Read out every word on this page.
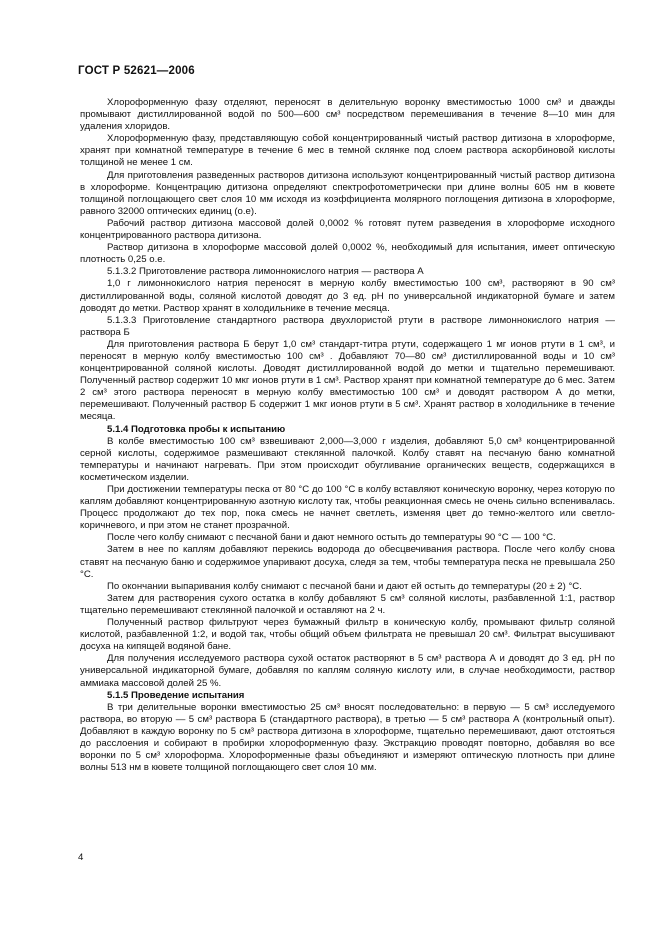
ГОСТ Р 52621—2006

Хлороформенную фазу отделяют, переносят в делительную воронку вместимостью 1000 см³ и дважды промывают дистиллированной водой по 500—600 см³ посредством перемешивания в течение 8—10 мин для удаления хлоридов.

Хлороформенную фазу, представляющую собой концентрированный чистый раствор дитизона в хлороформе, хранят при комнатной температуре в течение 6 мес в темной склянке под слоем раствора аскорбиновой кислоты толщиной не менее 1 см.

Для приготовления разведенных растворов дитизона используют концентрированный чистый раствор дитизона в хлороформе. Концентрацию дитизона определяют спектрофотометрически при длине волны 605 нм в кювете толщиной поглощающего свет слоя 10 мм исходя из коэффициента молярного поглощения дитизона в хлороформе, равного 32000 оптических единиц (о.е).

Рабочий раствор дитизона массовой долей 0,0002 % готовят путем разведения в хлороформе исходного концентрированного раствора дитизона.

Раствор дитизона в хлороформе массовой долей 0,0002 %, необходимый для испытания, имеет оптическую плотность 0,25 о.е.

5.1.3.2 Приготовление раствора лимоннокислого натрия — раствора А

1,0 г лимоннокислого натрия переносят в мерную колбу вместимостью 100 см³, растворяют в 90 см³ дистиллированной воды, соляной кислотой доводят до 3 ед. pH по универсальной индикаторной бумаге и затем доводят до метки. Раствор хранят в холодильнике в течение месяца.

5.1.3.3 Приготовление стандартного раствора двухлористой ртути в растворе лимоннокислого натрия — раствора Б

Для приготовления раствора Б берут 1,0 см³ стандарт-титра ртути, содержащего 1 мг ионов ртути в 1 см³, и переносят в мерную колбу вместимостью 100 см³ . Добавляют 70—80 см³ дистиллированной воды и 10 см³ концентрированной соляной кислоты. Доводят дистиллированной водой до метки и тщательно перемешивают. Полученный раствор содержит 10 мкг ионов ртути в 1 см³. Раствор хранят при комнатной температуре до 6 мес. Затем 2 см³ этого раствора переносят в мерную колбу вместимостью 100 см³ и доводят раствором А до метки, перемешивают. Полученный раствор Б содержит 1 мкг ионов ртути в 5 см³. Хранят раствор в холодильнике в течение месяца.

5.1.4 Подготовка пробы к испытанию

В колбе вместимостью 100 см³ взвешивают 2,000—3,000 г изделия, добавляют 5,0 см³ концентрированной серной кислоты, содержимое размешивают стеклянной палочкой. Колбу ставят на песчаную баню комнатной температуры и начинают нагревать. При этом происходит обугливание органических веществ, содержащихся в косметическом изделии.

При достижении температуры песка от 80 °С до 100 °С в колбу вставляют коническую воронку, через которую по каплям добавляют концентрированную азотную кислоту так, чтобы реакционная смесь не очень сильно вспенивалась. Процесс продолжают до тех пор, пока смесь не начнет светлеть, изменяя цвет до темно-желтого или светло-коричневого, и при этом не станет прозрачной.

После чего колбу снимают с песчаной бани и дают немного остыть до температуры 90 °С — 100 °С.

Затем в нее по каплям добавляют перекись водорода до обесцвечивания раствора. После чего колбу снова ставят на песчаную баню и содержимое упаривают досуха, следя за тем, чтобы температура песка не превышала 250 °С.

По окончании выпаривания колбу снимают с песчаной бани и дают ей остыть до температуры (20 ± 2) °С.

Затем для растворения сухого остатка в колбу добавляют 5 см³ соляной кислоты, разбавленной 1:1, раствор тщательно перемешивают стеклянной палочкой и оставляют на 2 ч.

Полученный раствор фильтруют через бумажный фильтр в коническую колбу, промывают фильтр соляной кислотой, разбавленной 1:2, и водой так, чтобы общий объем фильтрата не превышал 20 см³. Фильтрат высушивают досуха на кипящей водяной бане.

Для получения исследуемого раствора сухой остаток растворяют в 5 см³ раствора А и доводят до 3 ед. pH по универсальной индикаторной бумаге, добавляя по каплям соляную кислоту или, в случае необходимости, раствор аммиака массовой долей 25 %.

5.1.5 Проведение испытания

В три делительные воронки вместимостью 25 см³ вносят последовательно: в первую — 5 см³ исследуемого раствора, во вторую — 5 см³ раствора Б (стандартного раствора), в третью — 5 см³ раствора А (контрольный опыт). Добавляют в каждую воронку по 5 см³ раствора дитизона в хлороформе, тщательно перемешивают, дают отстояться до расслоения и собирают в пробирки хлороформенную фазу. Экстракцию проводят повторно, добавляя во все воронки по 5 см³ хлороформа. Хлороформенные фазы объединяют и измеряют оптическую плотность при длине волны 513 нм в кювете толщиной поглощающего свет слоя 10 мм.

4
